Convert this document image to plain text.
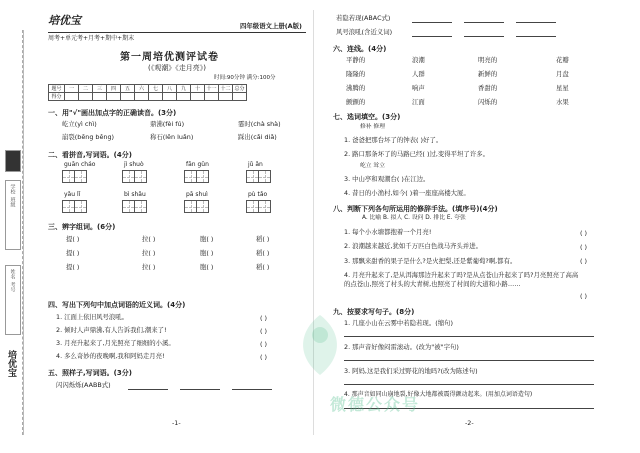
学校
班级
姓名
考号
培优宝
培优宝	四年级语文上册(A版)
周考+单元考+月考+期中+期末
第一周培优测评试卷
(《观潮》《走月亮》)
时间:90分钟 满分:100分
题号	一	二	三	四	五	六	七	八	九	十	十一	十二	总分
得分													
一、用"√"画出加点字的正确读音。(3分)
屹立(yì chì)	鼎沸(fèi fú)	霎时(chà shà)
崩裂(bēng běng)	称石(lěn luǎn)	踩出(cǎi diǎ)
二、看拼音,写词语。(4分)
guān cháo	jì shuò	fān gǔn	jǔ ǎn
yǎu lǐ	bì shǎu	pā shuì	pù tǎo
三、辨字组词。(6分)
提( )	拉( )	胞( )	稻( )
提( )	拉( )	胞( )	稻( )
提( )	拉( )	胞( )	稻( )
四、写出下列句中加点词语的近义词。(4分)
1. 江面上依旧风号浪吼。	( )
2. 倾时人声鼎沸,有人告诉我们,潮来了!	( )
3. 月亮升起来了,月光照亮了细细的小溪。	( )
4. 多么奇妙的夜晚啊,我和阿妈走月亮!	( )
五、照样子,写词语。(3分)
闪闪烁烁(AABB式)
-1-
若隐若现(ABAC式)
风号浪吼(含近义词)
六、连线。(4分)
平静的
隆隆的
沸腾的
颤颤的
浪潮
人群
响声
江面
明亮的
新鲜的
香甜的
闪烁的
花瓣
月盘
星星
水果
七、选词填空。(3分)
修补 修理
1. 爸爸把那台坏了的钟表( )好了。
2. 路口那条坏了的马路已经( )过,变得平坦了许多。
屹立 耸立
3. 中山亭和观潮台( )在江边。
4. 昔日的小渔村,如今( )着一座座高楼大厦。
八、判断下列各句所运用的修辞手法。(填序号)(4分)
A. 比喻 B. 拟人 C. 设问 D. 排比 E. 夸张
1. 每个小水塘都抱着一个月亮!	( )
2. 浪潮越来越近,犹如千万匹白色战马齐头并进。	( )
3. 那飘来甜香的果子是什么?是火把梨,还是紫葡萄?啊,都有。	( )
4. 月亮升起来了,是从洱海那边升起来了吗?是从点苍山升起来了吗?月亮照亮了高高的点苍山,照亮了村头的大青树,也照亮了村间的大道和小路……
( )
九、按要求写句子。(8分)
1. 几座小山在云雾中若隐若现。(缩句)
2. 那声音好像闷雷滚动。(改为"被"字句)
3. 阿妈,这是我们采过野花的地吗?(改为陈述句)
4. 那声音如同山崩地裂,好像大地都被震得颤动起来。(用加点词语造句)
微德公众号
-2-
